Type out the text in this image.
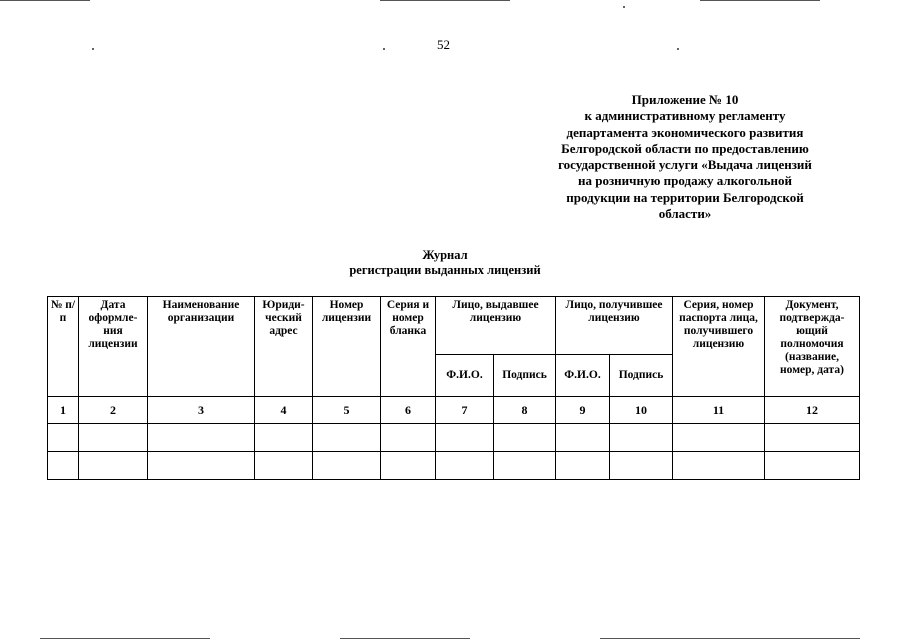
52
Приложение № 10
к административному регламенту
департамента экономического развития
Белгородской области по предоставлению
государственной услуги «Выдача лицензий
на розничную продажу алкогольной
продукции на территории Белгородской
области»
Журнал
регистрации выданных лицензий
№ п/п	Дата оформле-ния лицензии	Наименование организации	Юриди-ческий адрес	Номер лицензии	Серия и номер бланка	Лицо, выдавшее лицензию		Лицо, получившее лицензию		Серия, номер паспорта лица, получившего лицензию	Документ, подтвержда-ющий полномочия (название, номер, дата)
						Ф.И.О.	Подпись	Ф.И.О.	Подпись		
1	2	3	4	5	6	7	8	9	10	11	12
